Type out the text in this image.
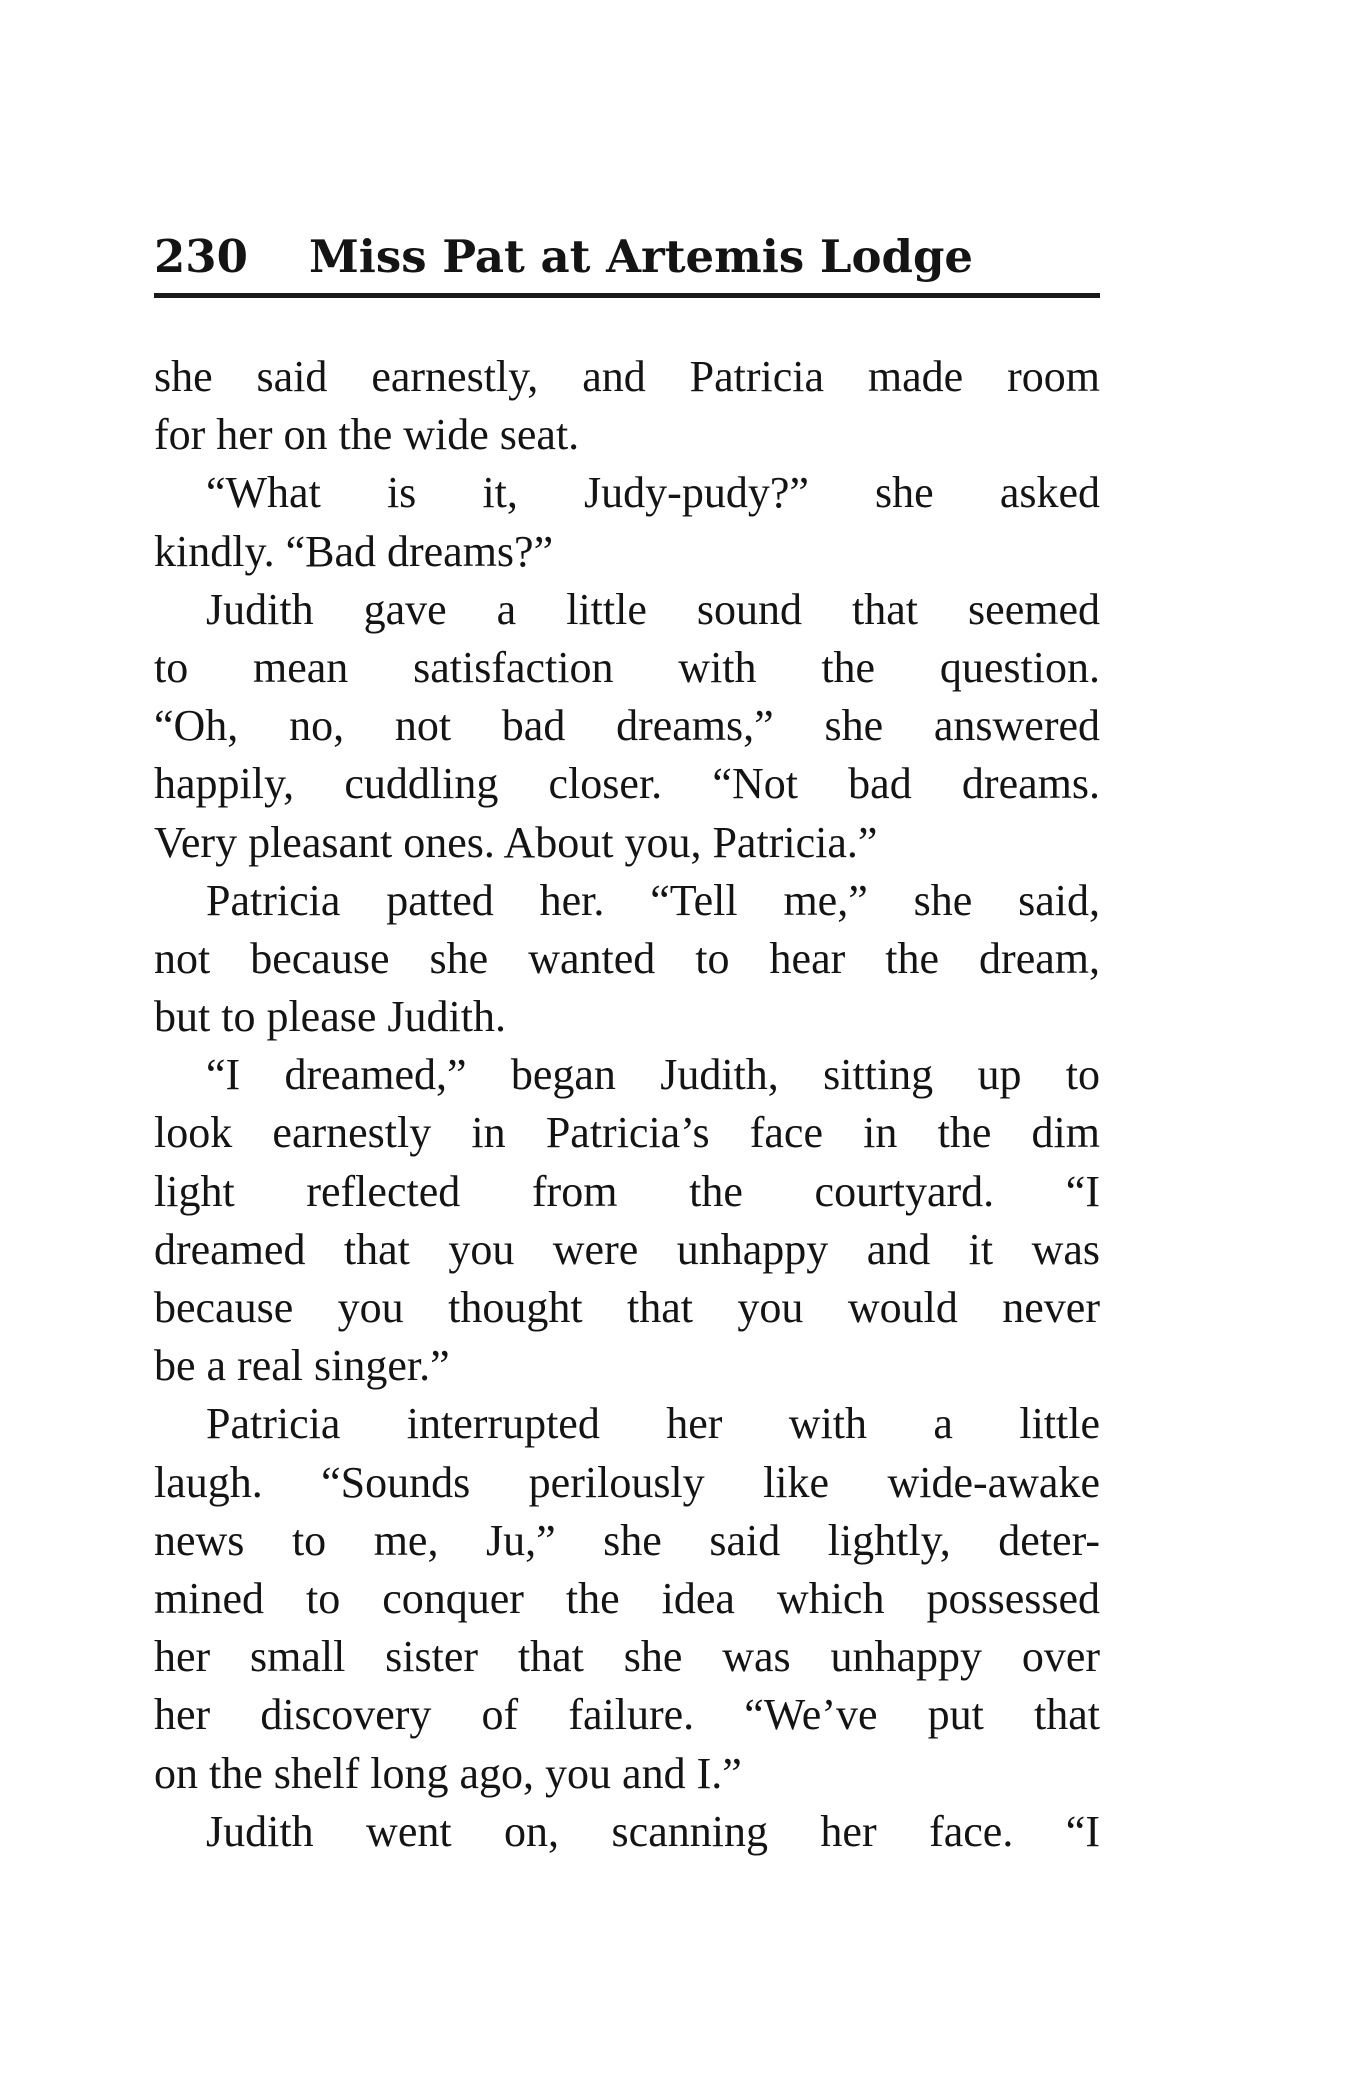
230 Miss Pat at Artemis Lodge
she said earnestly, and Patricia made room
for her on the wide seat.
“What is it, Judy-pudy?” she asked
kindly. “Bad dreams?”
Judith gave a little sound that seemed
to mean satisfaction with the question.
“Oh, no, not bad dreams,” she answered
happily, cuddling closer. “Not bad dreams.
Very pleasant ones. About you, Patricia.”
Patricia patted her. “Tell me,” she said,
not because she wanted to hear the dream,
but to please Judith.
“I dreamed,” began Judith, sitting up to
look earnestly in Patricia’s face in the dim
light reflected from the courtyard. “I
dreamed that you were unhappy and it was
because you thought that you would never
be a real singer.”
Patricia interrupted her with a little
laugh. “Sounds perilously like wide-awake
news to me, Ju,” she said lightly, deter-
mined to conquer the idea which possessed
her small sister that she was unhappy over
her discovery of failure. “We’ve put that
on the shelf long ago, you and I.”
Judith went on, scanning her face. “I
